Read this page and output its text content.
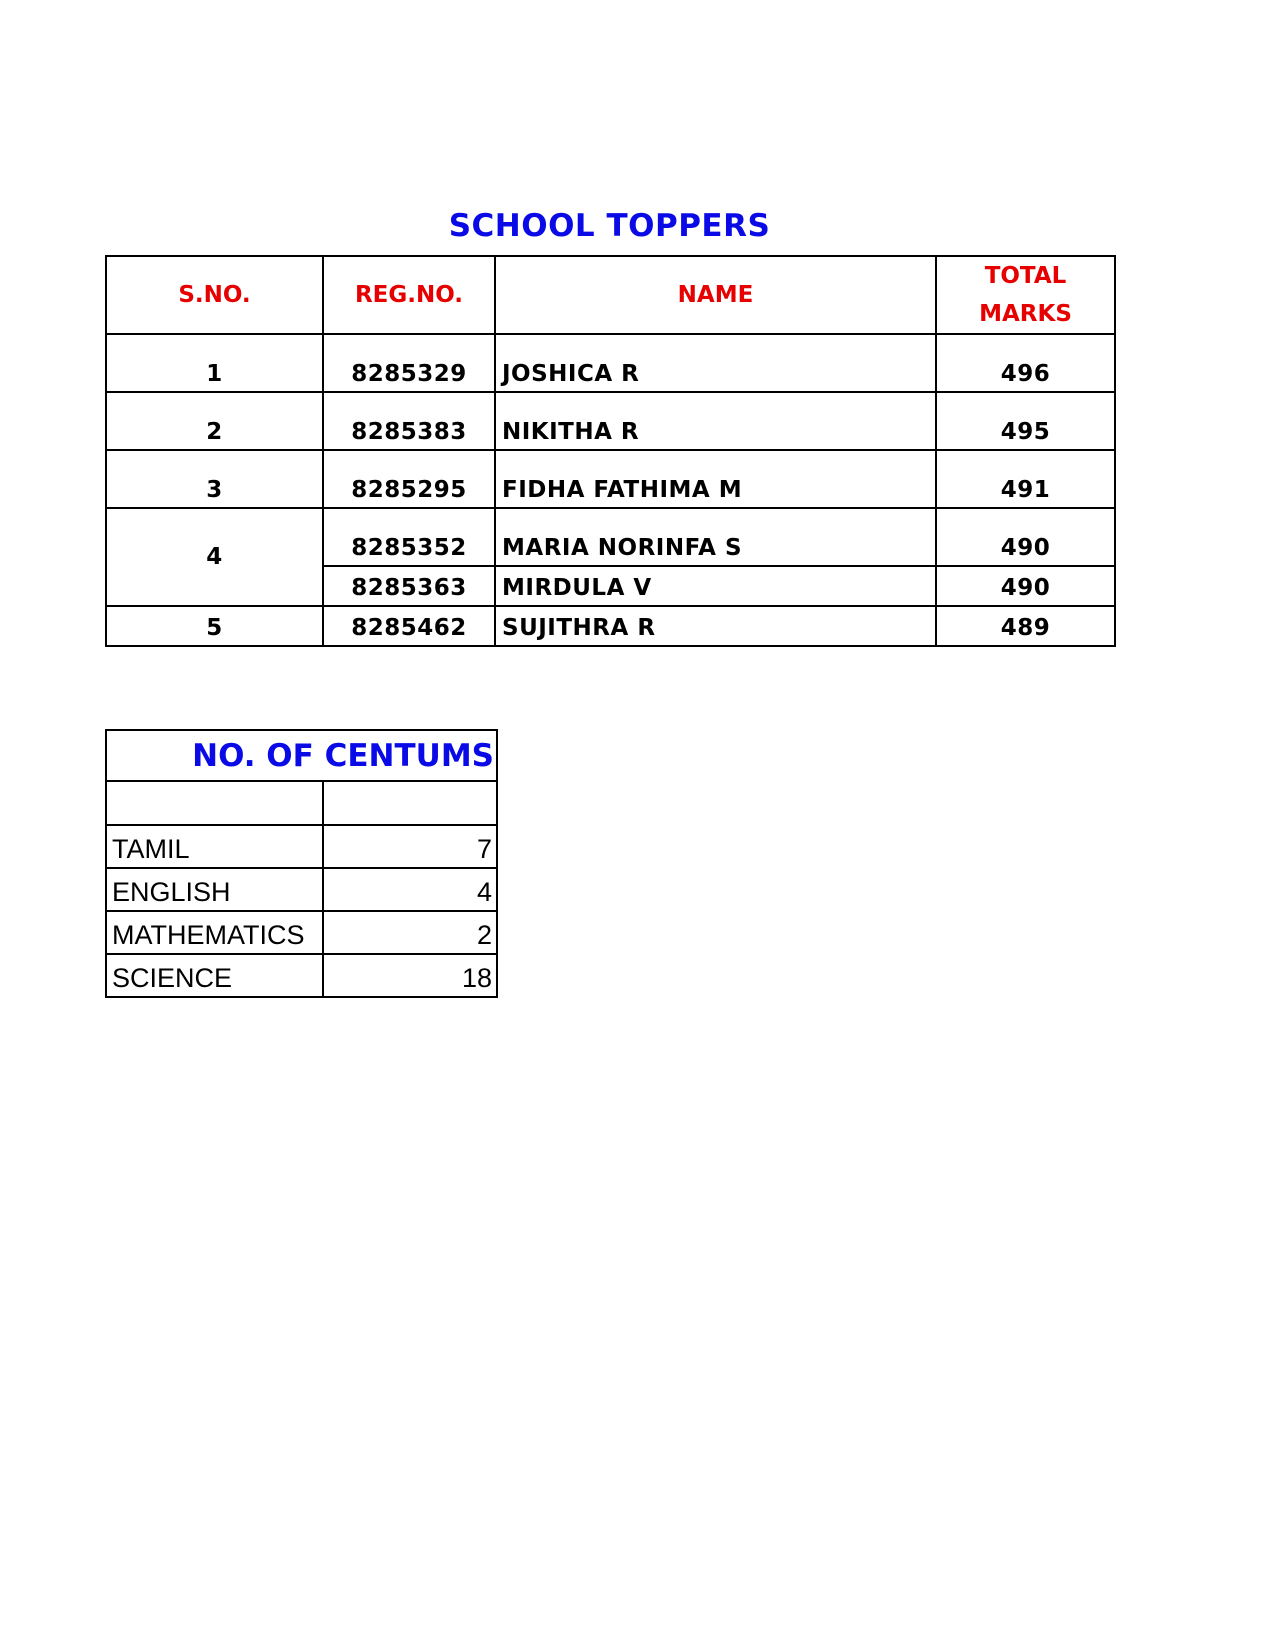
SCHOOL TOPPERS
S.NO.	REG.NO.	NAME	TOTAL
MARKS

1	8285329	JOSHICA R	496
2	8285383	NIKITHA R	495
3	8285295	FIDHA FATHIMA M	491
4	8285352	MARIA NORINFA S	490
	8285363	MIRDULA V	490
5	8285462	SUJITHRA R	489
NO. OF CENTUMS	

TAMIL	7
ENGLISH	4
MATHEMATICS	2
SCIENCE	18
